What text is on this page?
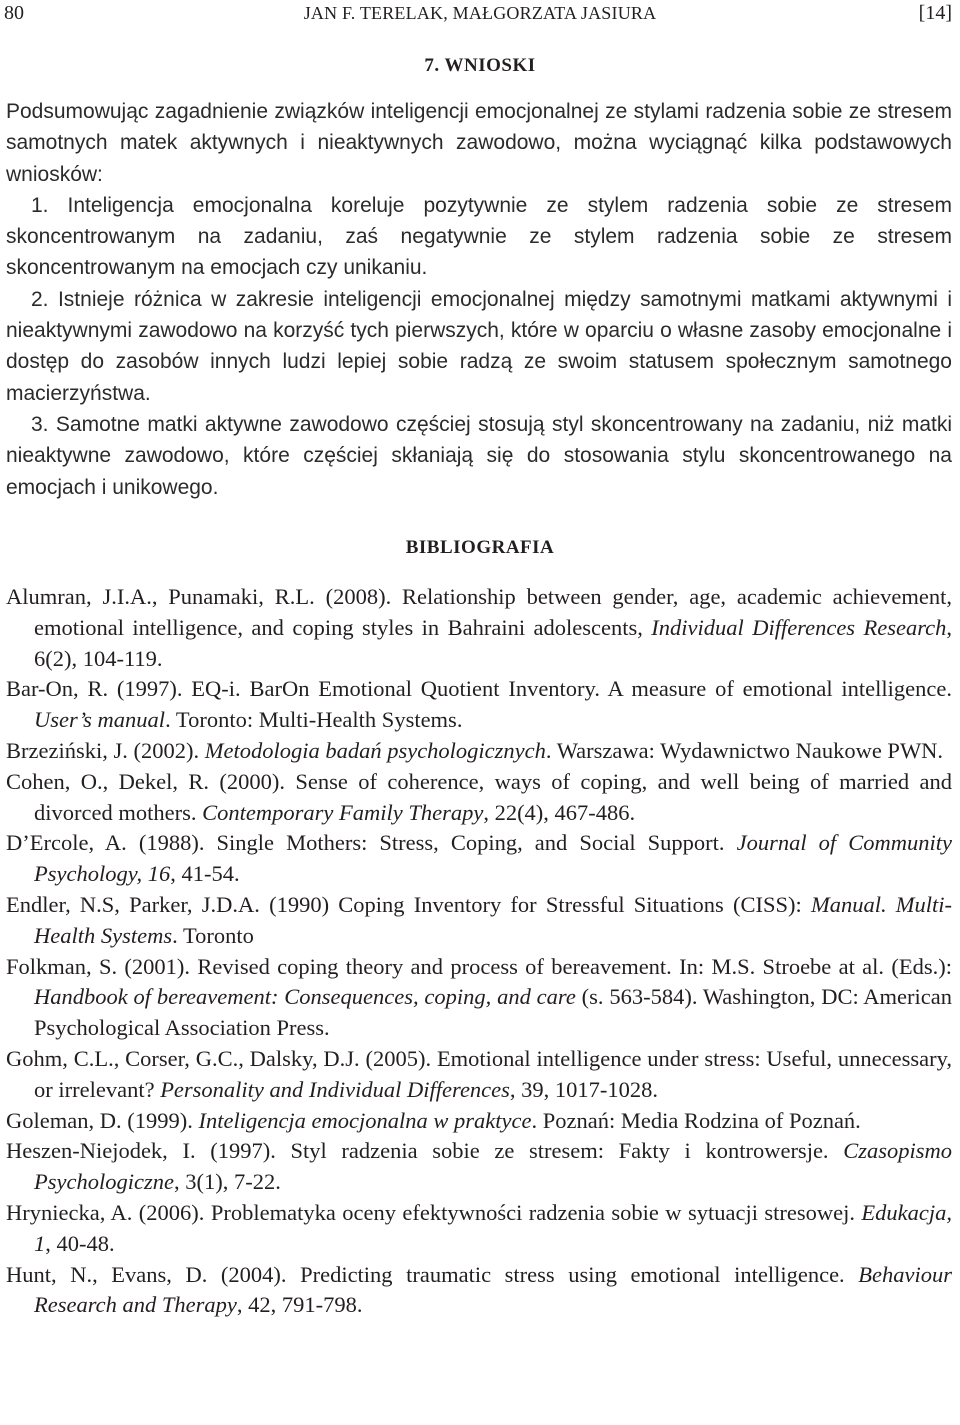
80	JAN F. TERELAK, MAŁGORZATA JASIURA	[14]
7. WNIOSKI

Podsumowując zagadnienie związków inteligencji emocjonalnej ze stylami radzenia sobie ze stresem samotnych matek aktywnych i nieaktywnych zawodowo, można wyciągnąć kilka podstawowych wniosków:

1. Inteligencja emocjonalna koreluje pozytywnie ze stylem radzenia sobie ze stresem skoncentrowanym na zadaniu, zaś negatywnie ze stylem radzenia sobie ze stresem skoncentrowanym na emocjach czy unikaniu.

2. Istnieje różnica w zakresie inteligencji emocjonalnej między samotnymi matkami aktywnymi i nieaktywnymi zawodowo na korzyść tych pierwszych, które w oparciu o własne zasoby emocjonalne i dostęp do zasobów innych ludzi lepiej sobie radzą ze swoim statusem społecznym samotnego macierzyństwa.

3. Samotne matki aktywne zawodowo częściej stosują styl skoncentrowany na zadaniu, niż matki nieaktywne zawodowo, które częściej skłaniają się do stosowania stylu skoncentrowanego na emocjach i unikowego.

BIBLIOGRAFIA

Alumran, J.I.A., Punamaki, R.L. (2008). Relationship between gender, age, academic achievement, emotional intelligence, and coping styles in Bahraini adolescents, Individual Differences Research, 6(2), 104-119.

Bar-On, R. (1997). EQ-i. BarOn Emotional Quotient Inventory. A measure of emotional intelligence. User’s manual. Toronto: Multi-Health Systems.

Brzeziński, J. (2002). Metodologia badań psychologicznych. Warszawa: Wydawnictwo Naukowe PWN.

Cohen, O., Dekel, R. (2000). Sense of coherence, ways of coping, and well being of married and divorced mothers. Contemporary Family Therapy, 22(4), 467-486.

D’Ercole, A. (1988). Single Mothers: Stress, Coping, and Social Support. Journal of Community Psychology, 16, 41-54.

Endler, N.S, Parker, J.D.A. (1990) Coping Inventory for Stressful Situations (CISS): Manual. Multi-Health Systems. Toronto

Folkman, S. (2001). Revised coping theory and process of bereavement. In: M.S. Stroebe at al. (Eds.): Handbook of bereavement: Consequences, coping, and care (s. 563-584). Washington, DC: American Psychological Association Press.

Gohm, C.L., Corser, G.C., Dalsky, D.J. (2005). Emotional intelligence under stress: Useful, unnecessary, or irrelevant? Personality and Individual Differences, 39, 1017-1028.

Goleman, D. (1999). Inteligencja emocjonalna w praktyce. Poznań: Media Rodzina of Poznań.

Heszen-Niejodek, I. (1997). Styl radzenia sobie ze stresem: Fakty i kontrowersje. Czasopismo Psychologiczne, 3(1), 7-22.

Hryniecka, A. (2006). Problematyka oceny efektywności radzenia sobie w sytuacji stresowej. Edukacja, 1, 40-48.

Hunt, N., Evans, D. (2004). Predicting traumatic stress using emotional intelligence. Behaviour Research and Therapy, 42, 791-798.
